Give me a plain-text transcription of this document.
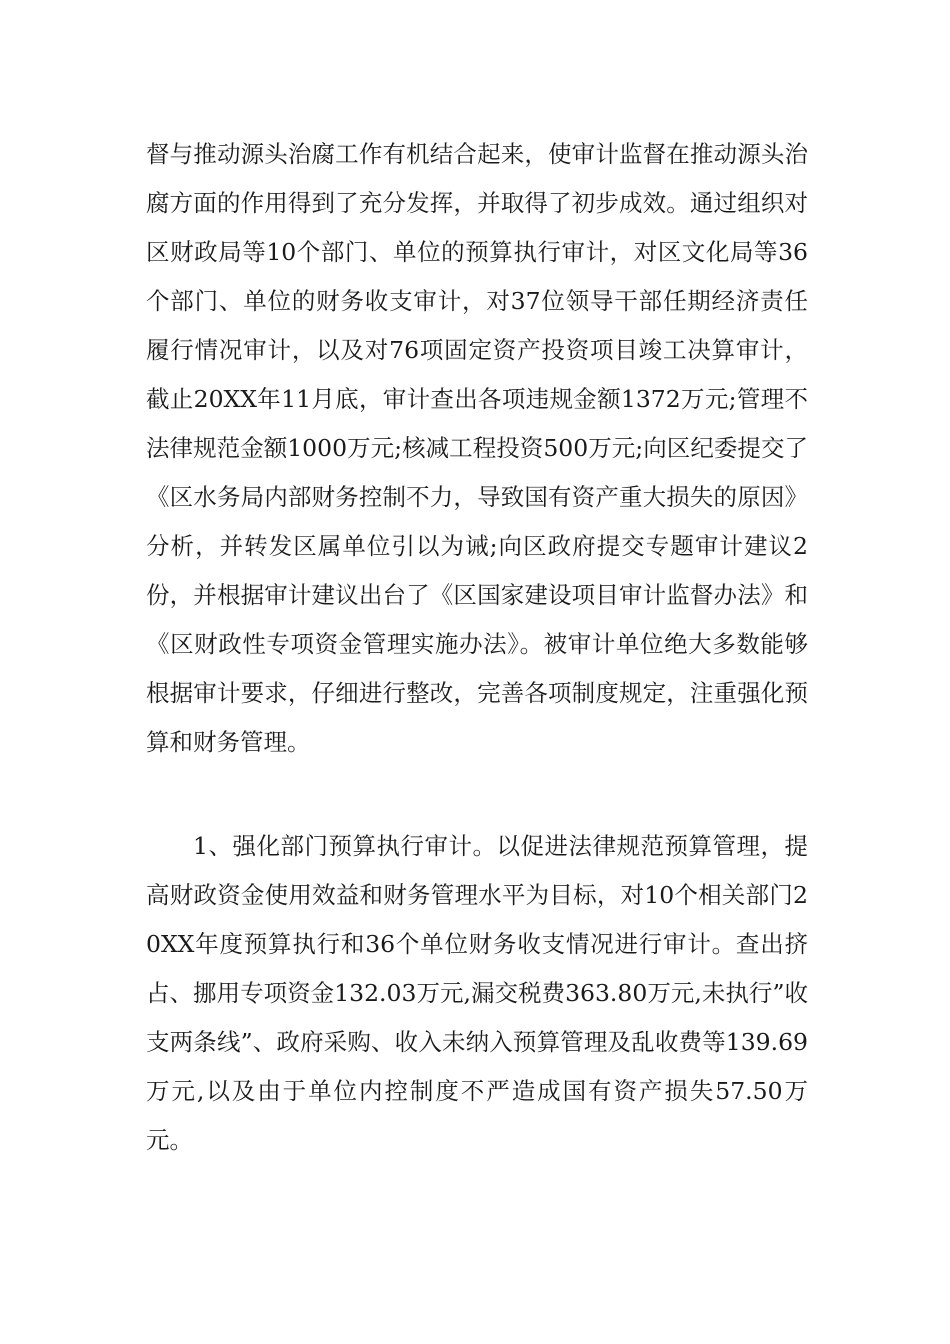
督与推动源头治腐工作有机结合起来，使审计监督在推动源头治腐方面的作用得到了充分发挥，并取得了初步成效。通过组织对区财政局等10个部门、单位的预算执行审计，对区文化局等36个部门、单位的财务收支审计，对37位领导干部任期经济责任履行情况审计，以及对76项固定资产投资项目竣工决算审计，截止20XX年11月底，审计查出各项违规金额1372万元;管理不法律规范金额1000万元;核减工程投资500万元;向区纪委提交了《区水务局内部财务控制不力，导致国有资产重大损失的原因》分析，并转发区属单位引以为诫;向区政府提交专题审计建议2份，并根据审计建议出台了《区国家建设项目审计监督办法》和《区财政性专项资金管理实施办法》。被审计单位绝大多数能够根据审计要求，仔细进行整改，完善各项制度规定，注重强化预算和财务管理。

1、强化部门预算执行审计。以促进法律规范预算管理，提高财政资金使用效益和财务管理水平为目标，对10个相关部门20XX年度预算执行和36个单位财务收支情况进行审计。查出挤占、挪用专项资金132.03万元,漏交税费363.80万元,未执行”收支两条线”、政府采购、收入未纳入预算管理及乱收费等139.69万元,以及由于单位内控制度不严造成国有资产损失57.50万元。
